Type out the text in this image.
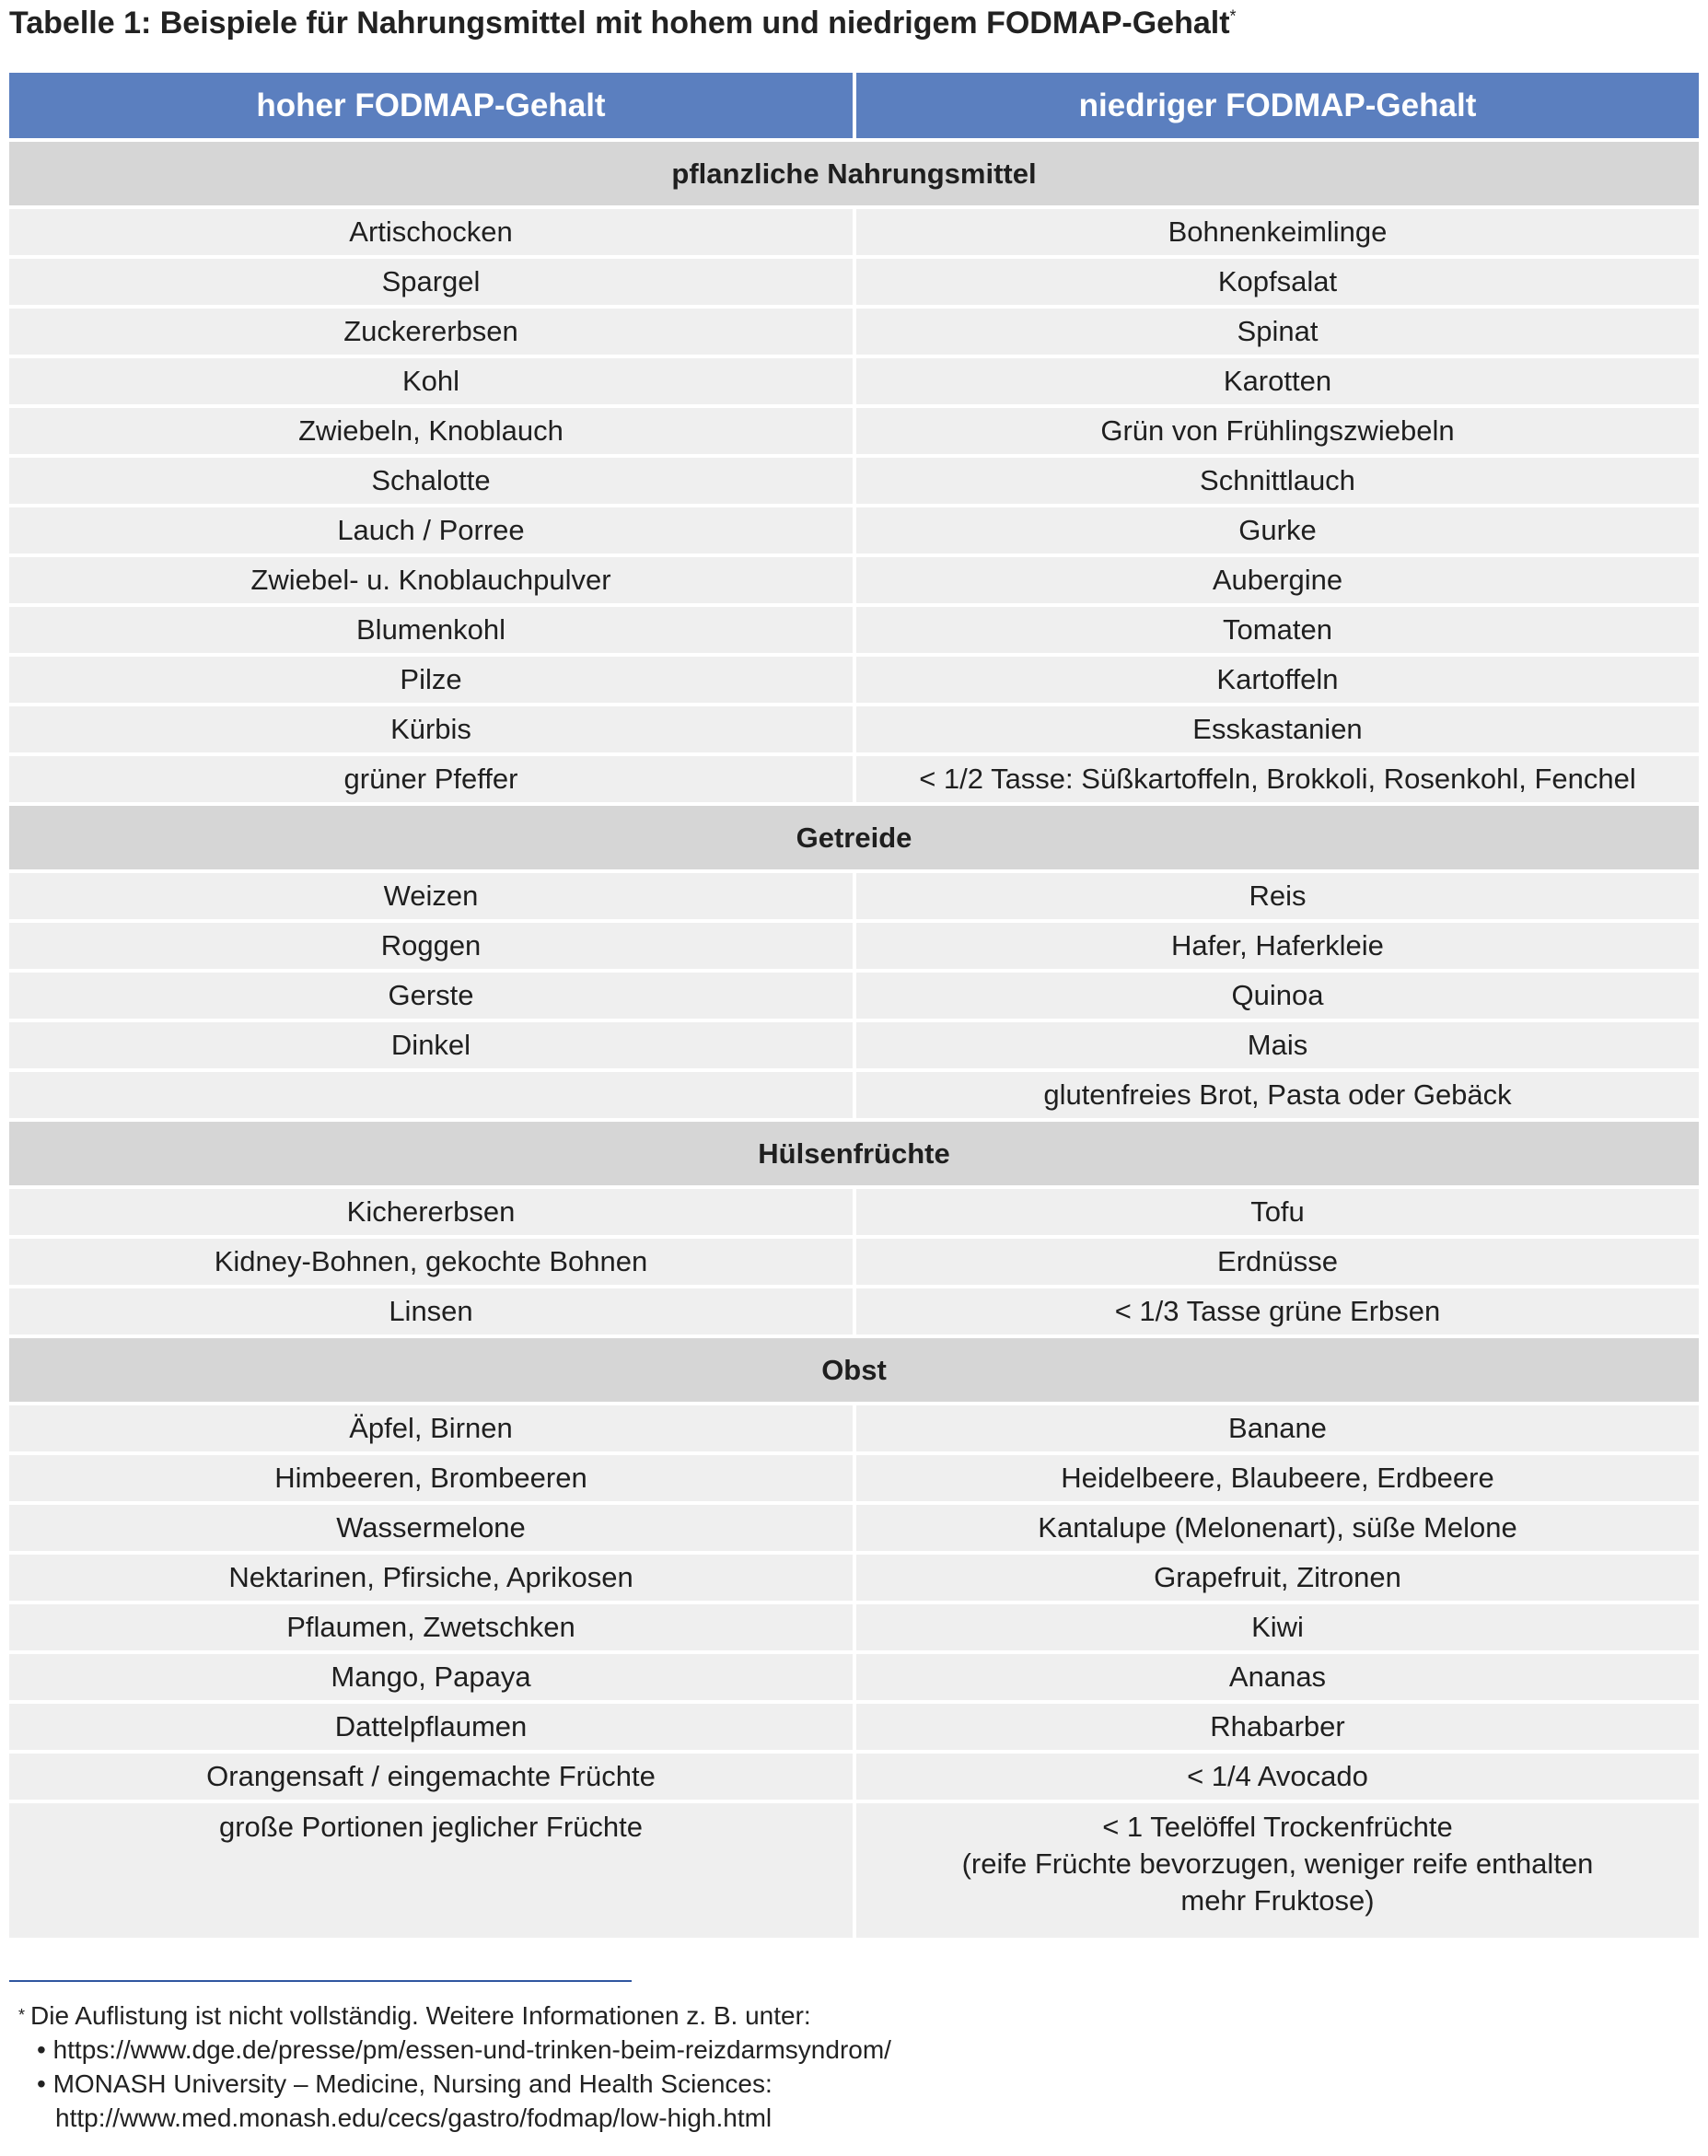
Tabelle 1: Beispiele für Nahrungsmittel mit hohem und niedrigem FODMAP-Gehalt*
hoher FODMAP-Gehalt	niedriger FODMAP-Gehalt
pflanzliche Nahrungsmittel	
Artischocken	Bohnenkeimlinge
Spargel	Kopfsalat
Zuckererbsen	Spinat
Kohl	Karotten
Zwiebeln, Knoblauch	Grün von Frühlingszwiebeln
Schalotte	Schnittlauch
Lauch / Porree	Gurke
Zwiebel- u. Knoblauchpulver	Aubergine
Blumenkohl	Tomaten
Pilze	Kartoffeln
Kürbis	Esskastanien
grüner Pfeffer	< 1/2 Tasse: Süßkartoffeln, Brokkoli, Rosenkohl, Fenchel
Getreide	
Weizen	Reis
Roggen	Hafer, Haferkleie
Gerste	Quinoa
Dinkel	Mais
	glutenfreies Brot, Pasta oder Gebäck
Hülsenfrüchte	
Kichererbsen	Tofu
Kidney-Bohnen, gekochte Bohnen	Erdnüsse
Linsen	< 1/3 Tasse grüne Erbsen
Obst	
Äpfel, Birnen	Banane
Himbeeren, Brombeeren	Heidelbeere, Blaubeere, Erdbeere
Wassermelone	Kantalupe (Melonenart), süße Melone
Nektarinen, Pfirsiche, Aprikosen	Grapefruit, Zitronen
Pflaumen, Zwetschken	Kiwi
Mango, Papaya	Ananas
Dattelpflaumen	Rhabarber
Orangensaft / eingemachte Früchte	< 1/4 Avocado
große Portionen jeglicher Früchte	< 1 Teelöffel Trockenfrüchte
(reife Früchte bevorzugen, weniger reife enthalten
mehr Fruktose)
* Die Auflistung ist nicht vollständig. Weitere Informationen z. B. unter:
• https://www.dge.de/presse/pm/essen-und-trinken-beim-reizdarmsyndrom/
• MONASH University – Medicine, Nursing and Health Sciences:
http://www.med.monash.edu/cecs/gastro/fodmap/low-high.html
